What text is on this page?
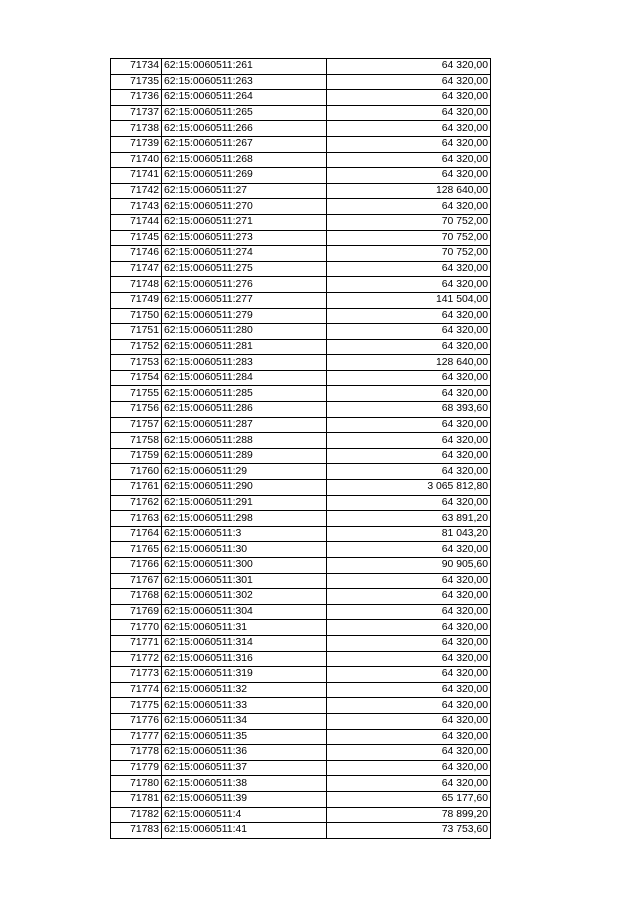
71734	62:15:0060511:261	64 320,00
71735	62:15:0060511:263	64 320,00
71736	62:15:0060511:264	64 320,00
71737	62:15:0060511:265	64 320,00
71738	62:15:0060511:266	64 320,00
71739	62:15:0060511:267	64 320,00
71740	62:15:0060511:268	64 320,00
71741	62:15:0060511:269	64 320,00
71742	62:15:0060511:27	128 640,00
71743	62:15:0060511:270	64 320,00
71744	62:15:0060511:271	70 752,00
71745	62:15:0060511:273	70 752,00
71746	62:15:0060511:274	70 752,00
71747	62:15:0060511:275	64 320,00
71748	62:15:0060511:276	64 320,00
71749	62:15:0060511:277	141 504,00
71750	62:15:0060511:279	64 320,00
71751	62:15:0060511:280	64 320,00
71752	62:15:0060511:281	64 320,00
71753	62:15:0060511:283	128 640,00
71754	62:15:0060511:284	64 320,00
71755	62:15:0060511:285	64 320,00
71756	62:15:0060511:286	68 393,60
71757	62:15:0060511:287	64 320,00
71758	62:15:0060511:288	64 320,00
71759	62:15:0060511:289	64 320,00
71760	62:15:0060511:29	64 320,00
71761	62:15:0060511:290	3 065 812,80
71762	62:15:0060511:291	64 320,00
71763	62:15:0060511:298	63 891,20
71764	62:15:0060511:3	81 043,20
71765	62:15:0060511:30	64 320,00
71766	62:15:0060511:300	90 905,60
71767	62:15:0060511:301	64 320,00
71768	62:15:0060511:302	64 320,00
71769	62:15:0060511:304	64 320,00
71770	62:15:0060511:31	64 320,00
71771	62:15:0060511:314	64 320,00
71772	62:15:0060511:316	64 320,00
71773	62:15:0060511:319	64 320,00
71774	62:15:0060511:32	64 320,00
71775	62:15:0060511:33	64 320,00
71776	62:15:0060511:34	64 320,00
71777	62:15:0060511:35	64 320,00
71778	62:15:0060511:36	64 320,00
71779	62:15:0060511:37	64 320,00
71780	62:15:0060511:38	64 320,00
71781	62:15:0060511:39	65 177,60
71782	62:15:0060511:4	78 899,20
71783	62:15:0060511:41	73 753,60
